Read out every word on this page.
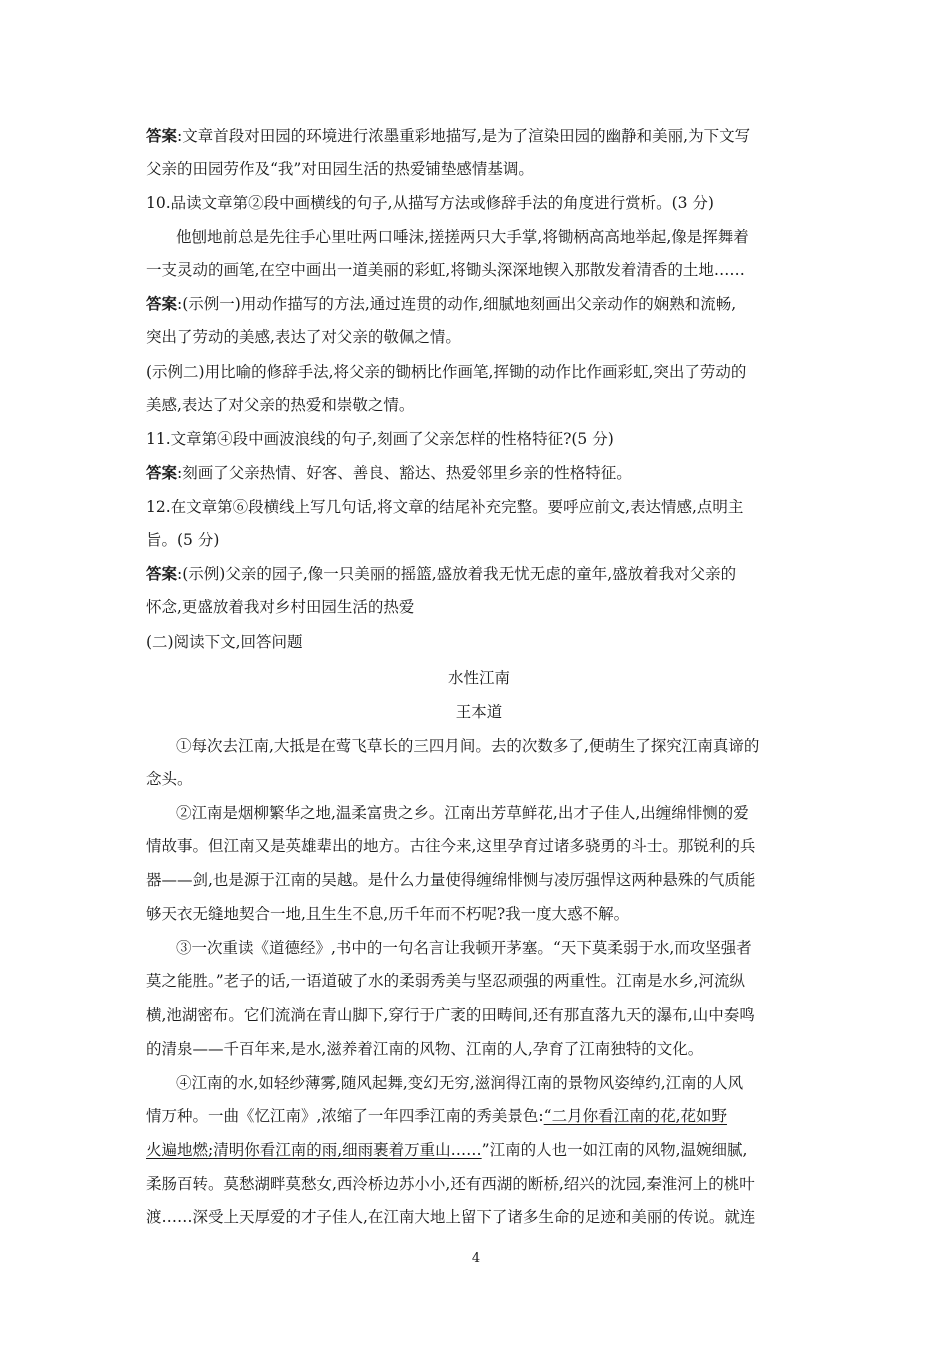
答案:文章首段对田园的环境进行浓墨重彩地描写,是为了渲染田园的幽静和美丽,为下文写
父亲的田园劳作及“我”对田园生活的热爱铺垫感情基调。
10.品读文章第②段中画横线的句子,从描写方法或修辞手法的角度进行赏析。(3 分)
他刨地前总是先往手心里吐两口唾沫,搓搓两只大手掌,将锄柄高高地举起,像是挥舞着
一支灵动的画笔,在空中画出一道美丽的彩虹,将锄头深深地锲入那散发着清香的土地……
答案:(示例一)用动作描写的方法,通过连贯的动作,细腻地刻画出父亲动作的娴熟和流畅,
突出了劳动的美感,表达了对父亲的敬佩之情。
(示例二)用比喻的修辞手法,将父亲的锄柄比作画笔,挥锄的动作比作画彩虹,突出了劳动的
美感,表达了对父亲的热爱和崇敬之情。
11.文章第④段中画波浪线的句子,刻画了父亲怎样的性格特征?(5 分)
答案:刻画了父亲热情、好客、善良、豁达、热爱邻里乡亲的性格特征。
12.在文章第⑥段横线上写几句话,将文章的结尾补充完整。要呼应前文,表达情感,点明主
旨。(5 分)
答案:(示例)父亲的园子,像一只美丽的摇篮,盛放着我无忧无虑的童年,盛放着我对父亲的
怀念,更盛放着我对乡村田园生活的热爱
(二)阅读下文,回答问题
水性江南
王本道
①每次去江南,大抵是在莺飞草长的三四月间。去的次数多了,便萌生了探究江南真谛的
念头。
②江南是烟柳繁华之地,温柔富贵之乡。江南出芳草鲜花,出才子佳人,出缠绵悱恻的爱
情故事。但江南又是英雄辈出的地方。古往今来,这里孕育过诸多骁勇的斗士。那锐利的兵
器——剑,也是源于江南的吴越。是什么力量使得缠绵悱恻与凌厉强悍这两种悬殊的气质能
够天衣无缝地契合一地,且生生不息,历千年而不朽呢?我一度大惑不解。
③一次重读《道德经》,书中的一句名言让我顿开茅塞。“天下莫柔弱于水,而攻坚强者
莫之能胜。”老子的话,一语道破了水的柔弱秀美与坚忍顽强的两重性。江南是水乡,河流纵
横,池湖密布。它们流淌在青山脚下,穿行于广袤的田畴间,还有那直落九天的瀑布,山中奏鸣
的清泉——千百年来,是水,滋养着江南的风物、江南的人,孕育了江南独特的文化。
④江南的水,如轻纱薄雾,随风起舞,变幻无穷,滋润得江南的景物风姿绰约,江南的人风
情万种。一曲《忆江南》,浓缩了一年四季江南的秀美景色:“二月你看江南的花,花如野
火遍地燃;清明你看江南的雨,细雨裹着万重山……”江南的人也一如江南的风物,温婉细腻,
柔肠百转。莫愁湖畔莫愁女,西泠桥边苏小小,还有西湖的断桥,绍兴的沈园,秦淮河上的桃叶
渡……深受上天厚爱的才子佳人,在江南大地上留下了诸多生命的足迹和美丽的传说。就连
4
